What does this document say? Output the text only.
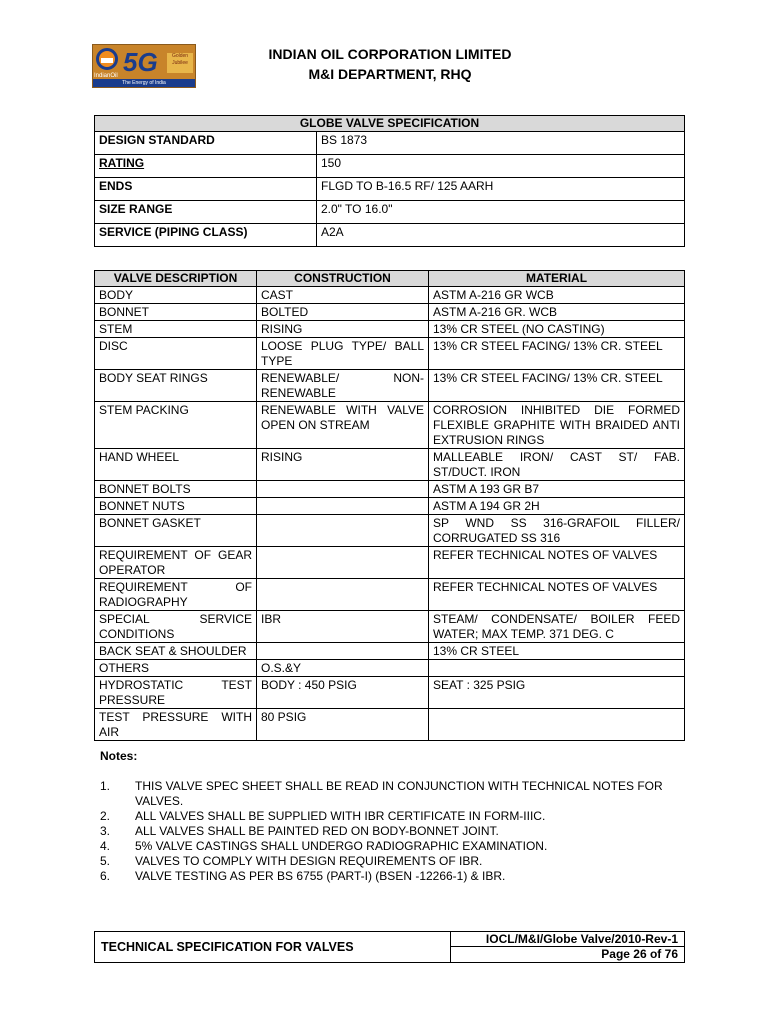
IndianOil 5G	Golden Jubilee
The Energy of India
INDIAN OIL CORPORATION LIMITED
M&I DEPARTMENT, RHQ
GLOBE VALVE SPECIFICATION	
DESIGN STANDARD	BS 1873
RATING	150
ENDS	FLGD TO B-16.5 RF/ 125 AARH
SIZE RANGE	2.0" TO 16.0"
SERVICE (PIPING CLASS)	A2A
VALVE DESCRIPTION	CONSTRUCTION	MATERIAL
BODY	CAST	ASTM A-216 GR WCB
BONNET	BOLTED	ASTM A-216 GR. WCB
STEM	RISING	13% CR STEEL (NO CASTING)
DISC	LOOSE PLUG TYPE/ BALL TYPE	13% CR STEEL FACING/ 13% CR. STEEL
BODY SEAT RINGS	RENEWABLE/ NON-RENEWABLE	13% CR STEEL FACING/ 13% CR. STEEL
STEM PACKING	RENEWABLE WITH VALVE OPEN ON STREAM	CORROSION INHIBITED DIE FORMED FLEXIBLE GRAPHITE WITH BRAIDED ANTI EXTRUSION RINGS
HAND WHEEL	RISING	MALLEABLE IRON/ CAST ST/ FAB. ST/DUCT. IRON
BONNET BOLTS		ASTM A 193 GR B7
BONNET NUTS		ASTM A 194 GR 2H
BONNET GASKET		SP WND SS 316-GRAFOIL FILLER/ CORRUGATED SS 316
REQUIREMENT OF GEAR OPERATOR		REFER TECHNICAL NOTES OF VALVES
REQUIREMENT OF RADIOGRAPHY		REFER TECHNICAL NOTES OF VALVES
SPECIAL SERVICE CONDITIONS	IBR	STEAM/ CONDENSATE/ BOILER FEED WATER; MAX TEMP. 371 DEG. C
BACK SEAT & SHOULDER		13% CR STEEL
OTHERS	O.S.&Y	
HYDROSTATIC TEST PRESSURE	BODY : 450 PSIG	SEAT : 325 PSIG
TEST PRESSURE WITH AIR	80 PSIG	
Notes:
1. THIS VALVE SPEC SHEET SHALL BE READ IN CONJUNCTION WITH TECHNICAL NOTES FOR VALVES.
2. ALL VALVES SHALL BE SUPPLIED WITH IBR CERTIFICATE IN FORM-IIIC.
3. ALL VALVES SHALL BE PAINTED RED ON BODY-BONNET JOINT.
4. 5% VALVE CASTINGS SHALL UNDERGO RADIOGRAPHIC EXAMINATION.
5. VALVES TO COMPLY WITH DESIGN REQUIREMENTS OF IBR.
6. VALVE TESTING AS PER BS 6755 (PART-I) (BSEN -12266-1) & IBR.
TECHNICAL SPECIFICATION FOR VALVES
IOCL/M&I/Globe Valve/2010-Rev-1
Page 26 of 76
